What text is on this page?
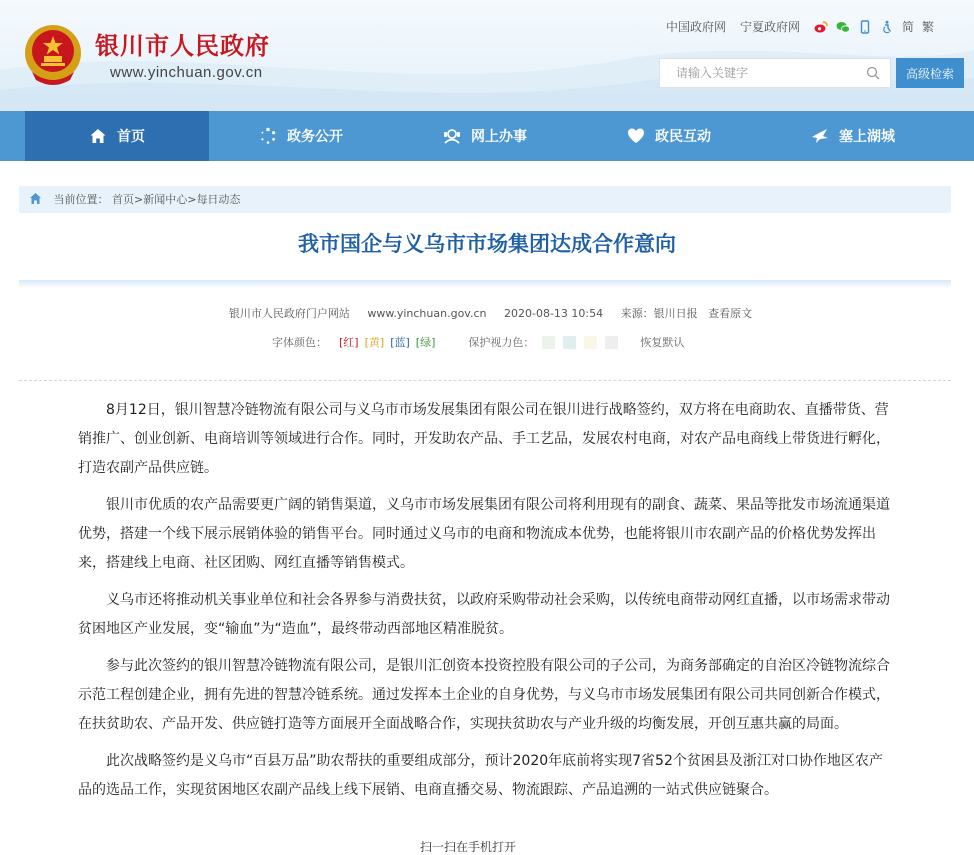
银川市人民政府
www.yinchuan.gov.cn
中国政府网 宁夏政府网	简 繁
请输入关键字
高级检索
首页	政务公开	网上办事	政民互动	塞上湖城
当前位置： 首页>新闻中心>每日动态
我市国企与义乌市市场集团达成合作意向
银川市人民政府门户网站 www.yinchuan.gov.cn 2020-08-13 10:54 来源：银川日报 查看原文
字体颜色： [红] [黄] [蓝] [绿]	保护视力色：	恢复默认

8月12日，银川智慧冷链物流有限公司与义乌市市场发展集团有限公司在银川进行战略签约，双方将在电商助农、直播带货、营销推广、创业创新、电商培训等领域进行合作。同时，开发助农产品、手工艺品，发展农村电商，对农产品电商线上带货进行孵化，打造农副产品供应链。

银川市优质的农产品需要更广阔的销售渠道，义乌市市场发展集团有限公司将利用现有的副食、蔬菜、果品等批发市场流通渠道优势，搭建一个线下展示展销体验的销售平台。同时通过义乌市的电商和物流成本优势，也能将银川市农副产品的价格优势发挥出来，搭建线上电商、社区团购、网红直播等销售模式。

义乌市还将推动机关事业单位和社会各界参与消费扶贫，以政府采购带动社会采购，以传统电商带动网红直播，以市场需求带动贫困地区产业发展，变“输血”为“造血”，最终带动西部地区精准脱贫。

参与此次签约的银川智慧冷链物流有限公司，是银川汇创资本投资控股有限公司的子公司，为商务部确定的自治区冷链物流综合示范工程创建企业，拥有先进的智慧冷链系统。通过发挥本土企业的自身优势，与义乌市市场发展集团有限公司共同创新合作模式，在扶贫助农、产品开发、供应链打造等方面展开全面战略合作，实现扶贫助农与产业升级的均衡发展，开创互惠共赢的局面。

此次战略签约是义乌市“百县万品”助农帮扶的重要组成部分，预计2020年底前将实现7省52个贫困县及浙江对口协作地区农产品的选品工作，实现贫困地区农副产品线上线下展销、电商直播交易、物流跟踪、产品追溯的一站式供应链聚合。

扫一扫在手机打开
